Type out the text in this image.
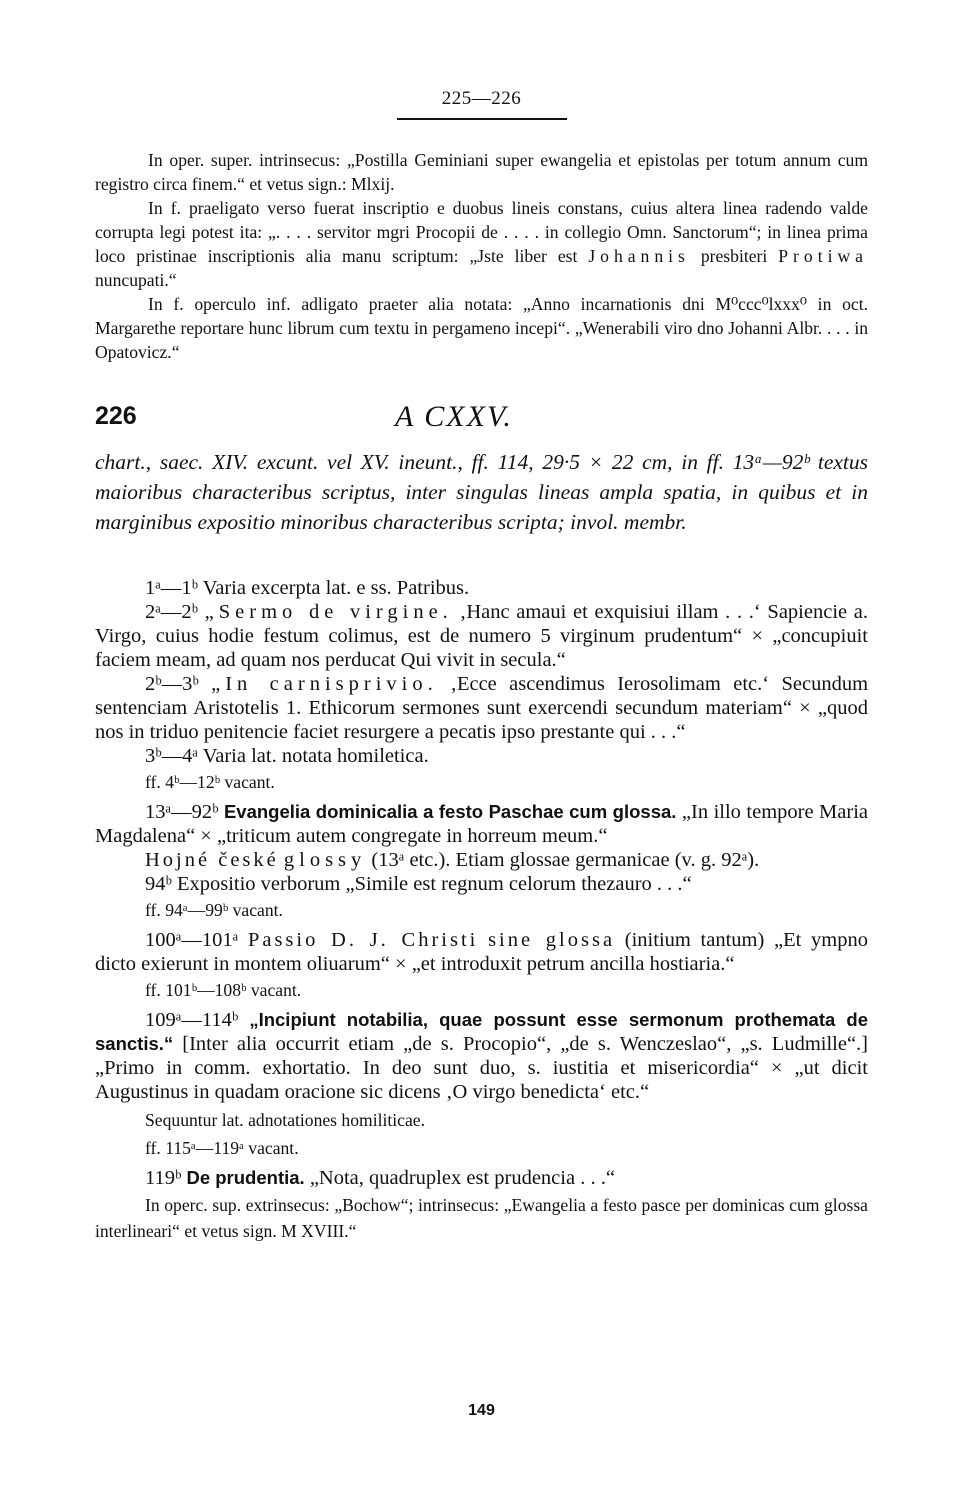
225—226

In oper. super. intrinsecus: „Postilla Geminiani super ewangelia et epistolas per totum annum cum registro circa finem.“ et vetus sign.: Mlxij.

In f. praeligato verso fuerat inscriptio e duobus lineis constans, cuius altera linea radendo valde corrupta legi potest ita: „. . . . servitor mgri Procopii de . . . . in collegio Omn. Sanctorum“; in linea prima loco pristinae inscriptionis alia manu scriptum: „Jste liber est Johannis presbiteri Protiwa nuncupati.“

In f. operculo inf. adligato praeter alia notata: „Anno incarnationis dni M⁰ccc⁰lxxx⁰ in oct. Margarethe reportare hunc librum cum textu in pergameno incepi“. „Wenerabili viro dno Johanni Albr. . . . in Opatovicz.“

226	A CXXV.

chart., saec. XIV. excunt. vel XV. ineunt., ff. 114, 29·5 × 22 cm, in ff. 13ᵃ—92ᵇ textus maioribus characteribus scriptus, inter singulas lineas ampla spatia, in quibus et in marginibus expositio minoribus characteribus scripta; invol. membr.

1ᵃ—1ᵇ Varia excerpta lat. e ss. Patribus.

2ᵃ—2ᵇ „Sermo de virgine. ‚Hanc amaui et exquisiui illam . . .‘ Sapiencie a. Virgo, cuius hodie festum colimus, est de numero 5 virginum prudentum“ × „concupiuit faciem meam, ad quam nos perducat Qui vivit in secula.“

2ᵇ—3ᵇ „In carnisprivio. ‚Ecce ascendimus Ierosolimam etc.‘ Secundum sentenciam Aristotelis 1. Ethicorum sermones sunt exercendi secundum materiam“ × „quod nos in triduo penitencie faciet resurgere a pecatis ipso prestante qui . . .“

3ᵇ—4ᵃ Varia lat. notata homiletica.

ff. 4ᵇ—12ᵇ vacant.

13ᵃ—92ᵇ Evangelia dominicalia a festo Paschae cum glossa. „In illo tempore Maria Magdalena“ × „triticum autem congregate in horreum meum.“

Hojné české glossy (13ᵃ etc.). Etiam glossae germanicae (v. g. 92ᵃ).

94ᵇ Expositio verborum „Simile est regnum celorum thezauro . . .“

ff. 94ᵃ—99ᵇ vacant.

100ᵃ—101ᵃ Passio D. J. Christi sine glossa (initium tantum) „Et ympno dicto exierunt in montem oliuarum“ × „et introduxit petrum ancilla hostiaria.“

ff. 101ᵇ—108ᵇ vacant.

109ᵃ—114ᵇ „Incipiunt notabilia, quae possunt esse sermonum prothemata de sanctis.“ [Inter alia occurrit etiam „de s. Procopio“, „de s. Wenczeslao“, „s. Ludmille“.] „Primo in comm. exhortatio. In deo sunt duo, s. iustitia et misericordia“ × „ut dicit Augustinus in quadam oracione sic dicens ‚O virgo benedicta‘ etc.“

Sequuntur lat. adnotationes homiliticae.

ff. 115ᵃ—119ᵃ vacant.

119ᵇ De prudentia. „Nota, quadruplex est prudencia . . .“

In operc. sup. extrinsecus: „Bochow“; intrinsecus: „Ewangelia a festo pasce per dominicas cum glossa interlineari“ et vetus sign. M XVIII.“

149
